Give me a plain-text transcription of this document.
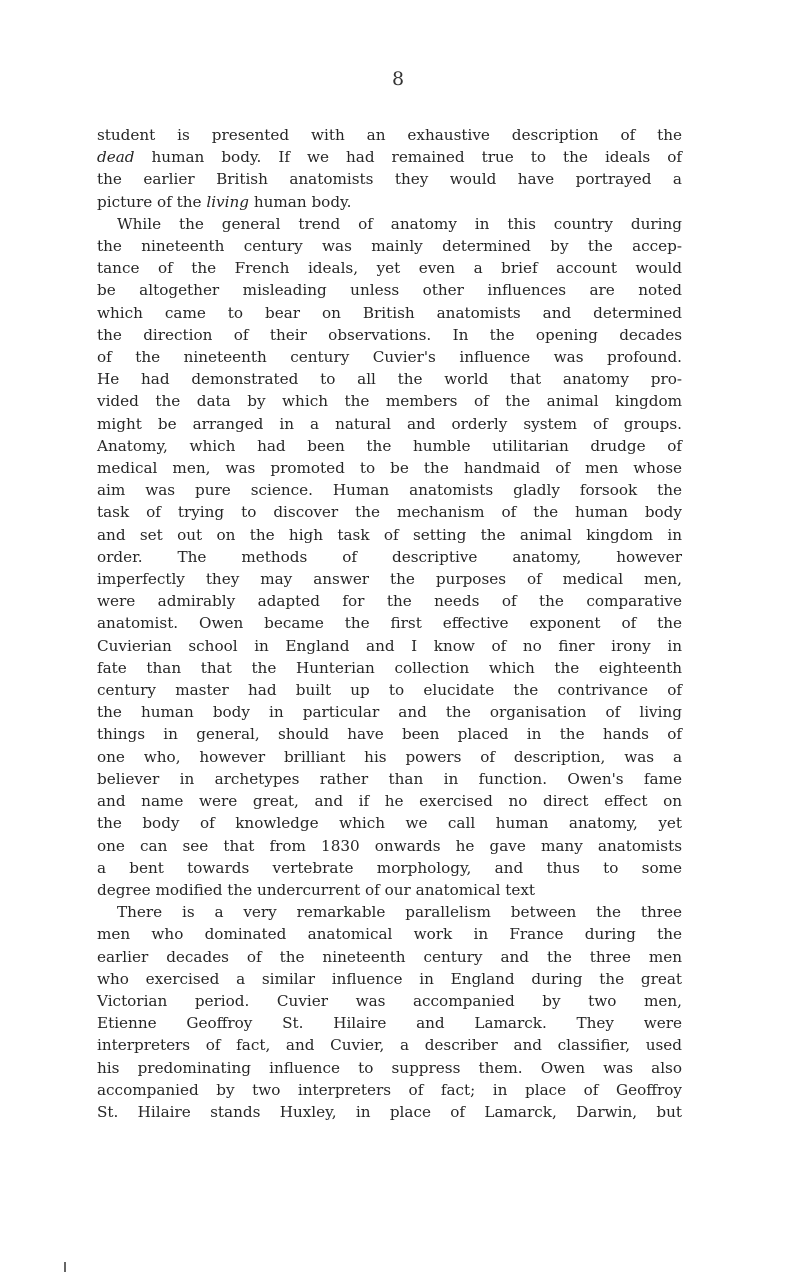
8
student is presented with an exhaustive description of the
dead human body. If we had remained true to the ideals of
the earlier British anatomists they would have portrayed a
picture of the living human body.
While the general trend of anatomy in this country during
the nineteenth century was mainly determined by the accep-
tance of the French ideals, yet even a brief account would
be altogether misleading unless other influences are noted
which came to bear on British anatomists and determined
the direction of their observations. In the opening decades
of the nineteenth century Cuvier's influence was profound.
He had demonstrated to all the world that anatomy pro-
vided the data by which the members of the animal kingdom
might be arranged in a natural and orderly system of groups.
Anatomy, which had been the humble utilitarian drudge of
medical men, was promoted to be the handmaid of men whose
aim was pure science. Human anatomists gladly forsook the
task of trying to discover the mechanism of the human body
and set out on the high task of setting the animal kingdom in
order. The methods of descriptive anatomy, however
imperfectly they may answer the purposes of medical men,
were admirably adapted for the needs of the comparative
anatomist. Owen became the first effective exponent of the
Cuvierian school in England and I know of no finer irony in
fate than that the Hunterian collection which the eighteenth
century master had built up to elucidate the contrivance of
the human body in particular and the organisation of living
things in general, should have been placed in the hands of
one who, however brilliant his powers of description, was a
believer in archetypes rather than in function. Owen's fame
and name were great, and if he exercised no direct effect on
the body of knowledge which we call human anatomy, yet
one can see that from 1830 onwards he gave many anatomists
a bent towards vertebrate morphology, and thus to some
degree modified the undercurrent of our anatomical text
There is a very remarkable parallelism between the three
men who dominated anatomical work in France during the
earlier decades of the nineteenth century and the three men
who exercised a similar influence in England during the great
Victorian period. Cuvier was accompanied by two men,
Etienne Geoffroy St. Hilaire and Lamarck. They were
interpreters of fact, and Cuvier, a describer and classifier, used
his predominating influence to suppress them. Owen was also
accompanied by two interpreters of fact; in place of Geoffroy
St. Hilaire stands Huxley, in place of Lamarck, Darwin, but
